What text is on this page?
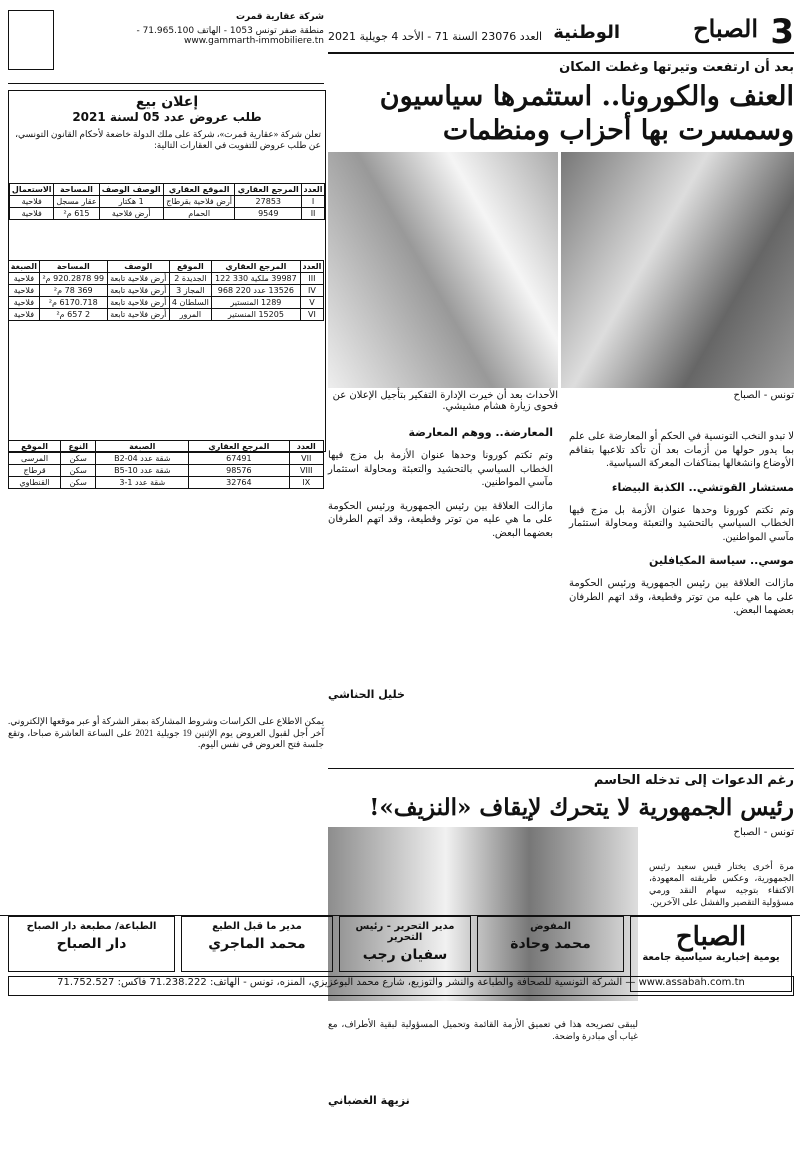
3
الصباح
الوطنية
العدد 23076 السنة 71 - الأحد 4 جويلية 2021
بعد أن ارتفعت وتيرتها وغطت المكان
العنف والكورونا.. استثمرها سياسيون وسمسرت بها أحزاب ومنظمات
تونس - الصباح
الأحداث بعد أن خيرت الإدارة التفكير بتأجيل الإعلان عن فحوى زيارة هشام مشيشي.

لا تبدو النخب التونسية في الحكم أو المعارضة على علم بما يدور حولها من أزمات بعد أن تأكد تلاعبها بتفاقم الأوضاع وانشغالها بمناكفات المعركة السياسية.

مستشار القوتشي.. الكذبة البيضاء

وتم تكتم كورونا وحدها عنوان الأزمة بل مزج فيها الخطاب السياسي بالتحشيد والتعبئة ومحاولة استثمار مآسي المواطنين.

موسي.. سياسة المكيافلين

مازالت العلاقة بين رئيس الجمهورية ورئيس الحكومة على ما هي عليه من توتر وقطيعة، وقد اتهم الطرفان بعضهما البعض.

المعارضة.. ووهم المعارضة

وتم تكتم كورونا وحدها عنوان الأزمة بل مزج فيها الخطاب السياسي بالتحشيد والتعبئة ومحاولة استثمار مآسي المواطنين.

مازالت العلاقة بين رئيس الجمهورية ورئيس الحكومة على ما هي عليه من توتر وقطيعة، وقد اتهم الطرفان بعضهما البعض.

خليل الحناشي
رغم الدعوات إلى تدخله الحاسم
رئيس الجمهورية لا يتحرك لإيقاف «النزيف»!
تونس - الصباح

مرة أخرى يختار قيس سعيد رئيس الجمهورية، وعكس طريقته المعهودة، الاكتفاء بتوجيه سهام النقد ورمي مسؤولية التقصير والفشل على الآخرين.

ليبقى تصريحه هذا في تعميق الأزمة القائمة وتحميل المسؤولية لبقية الأطراف، مع غياب أي مبادرة واضحة.

نزيهة الغضباني
شركة عقارية قمرت
منطقة صفر تونس 1053 - الهاتف 71.965.100 - www.gammarth-immobiliere.tn
إعلان بيع
طلب عروض عدد 05 لسنة 2021
تعلن شركة «عقارية قمرت»، شركة على ملك الدولة خاضعة لأحكام القانون التونسي، عن طلب عروض للتفويت في العقارات التالية:
العدد	المرجع العقاري	الموقع العقاري	الوصف الوصف	المساحة	الاستعمال
I	27853	أرض فلاحية بقرطاج	1 هكتار	عقار مسجل	فلاحية
II	9549	الحمام	أرض فلاحية	615 م²	فلاحية
العدد	المرجع العقاري	الموقع	الوصف	المساحة	الصبغة
III	39987 ملكية 330 122	الجديدة 2	أرض فلاحية تابعة	99 920.2878 م²	فلاحية
IV	13526 عدد 220 968	المجاز 3	أرض فلاحية تابعة	369 78 م²	فلاحية
V	1289 المنستير	السلطان 4	أرض فلاحية تابعة	6170.718 م²	فلاحية
VI	15205 المنستير	المرور	أرض فلاحية تابعة	2 657 م²	فلاحية
العدد	المرجع العقاري	الصبغة	النوع	الموقع
VII	67491	شقة عدد B2-04	سكن	المرسى
VIII	98576	شقة عدد B5-10	سكن	قرطاج
IX	32764	شقة عدد 1-3	سكن	القنطاوي
يمكن الاطلاع على الكراسات وشروط المشاركة بمقر الشركة أو عبر موقعها الإلكتروني. آخر أجل لقبول العروض يوم الإثنين 19 جويلية 2021 على الساعة العاشرة صباحا، وتقع جلسة فتح العروض في نفس اليوم.
الصباح
يومية إخبارية سياسية جامعة
المفوض
محمد وحادة
مدير التحرير - رئيس التحرير
سفيان رجب
مدير ما قبل الطبع
محمد الماجري
الطباعة/ مطبعة دار الصباح
دار الصباح
www.assabah.com.tn — الشركة التونسية للصحافة والطباعة والنشر والتوزيع، شارع محمد البوعزيزي، المنزه، تونس - الهاتف: 71.238.222 فاكس: 71.752.527
